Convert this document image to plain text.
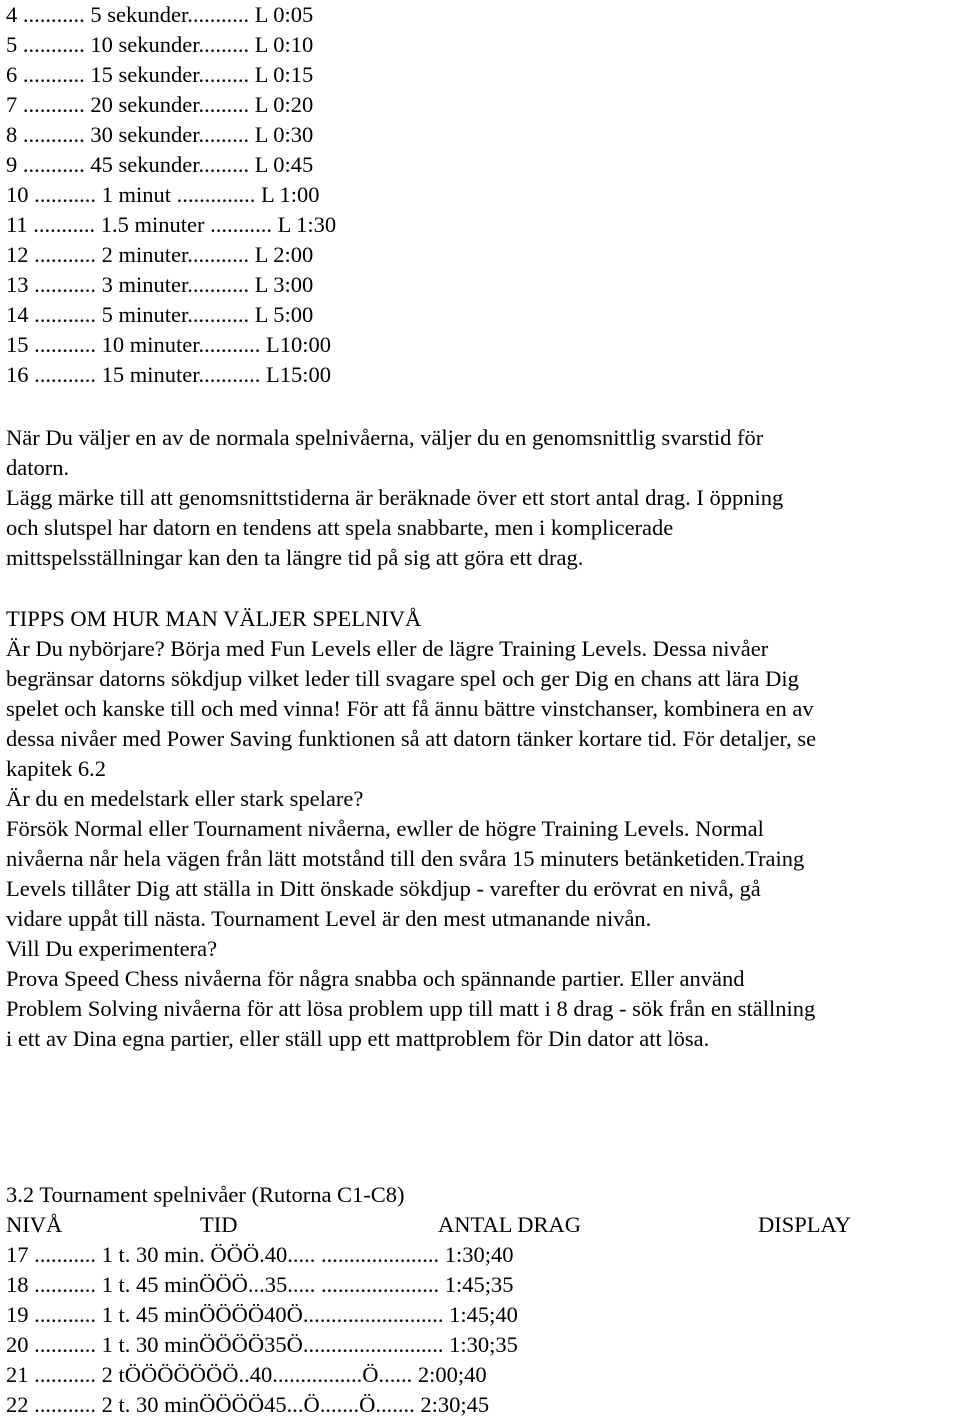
4 ........... 5 sekunder........... L 0:05
5 ........... 10 sekunder......... L 0:10
6 ........... 15 sekunder......... L 0:15
7 ........... 20 sekunder......... L 0:20
8 ........... 30 sekunder......... L 0:30
9 ........... 45 sekunder......... L 0:45
10 ........... 1 minut .............. L 1:00
11 ........... 1.5 minuter ........... L 1:30
12 ........... 2 minuter........... L 2:00
13 ........... 3 minuter........... L 3:00
14 ........... 5 minuter........... L 5:00
15 ........... 10 minuter........... L10:00
16 ........... 15 minuter........... L15:00
När Du väljer en av de normala spelnivåerna, väljer du en genomsnittlig svarstid för
datorn.
Lägg märke till att genomsnittstiderna är beräknade över ett stort antal drag. I öppning
och slutspel har datorn en tendens att spela snabbarte, men i komplicerade
mittspelsställningar kan den ta längre tid på sig att göra ett drag.
TIPPS OM HUR MAN VÄLJER SPELNIVÅ
Är Du nybörjare? Börja med Fun Levels eller de lägre Training Levels. Dessa nivåer
begränsar datorns sökdjup vilket leder till svagare spel och ger Dig en chans att lära Dig
spelet och kanske till och med vinna! För att få ännu bättre vinstchanser, kombinera en av
dessa nivåer med Power Saving funktionen så att datorn tänker kortare tid. För detaljer, se
kapitek 6.2
Är du en medelstark eller stark spelare?
Försök Normal eller Tournament nivåerna, ewller de högre Training Levels. Normal
nivåerna når hela vägen från lätt motstånd till den svåra 15 minuters betänketiden.Traing
Levels tillåter Dig att ställa in Ditt önskade sökdjup - varefter du erövrat en nivå, gå
vidare uppåt till nästa. Tournament Level är den mest utmanande nivån.
Vill Du experimentera?
Prova Speed Chess nivåerna för några snabba och spännande partier. Eller använd
Problem Solving nivåerna för att lösa problem upp till matt i 8 drag - sök från en ställning
i ett av Dina egna partier, eller ställ upp ett mattproblem för Din dator att lösa.
3.2 Tournament spelnivåer (Rutorna C1-C8)
NIVÅ	TID	ANTAL DRAG	DISPLAY
17 ........... 1 t. 30 min. ÖÖÖ.40..... ..................... 1:30;40
18 ........... 1 t. 45 minÖÖÖ...35..... ..................... 1:45;35
19 ........... 1 t. 45 minÖÖÖÖ40Ö......................... 1:45;40
20 ........... 1 t. 30 minÖÖÖÖ35Ö......................... 1:30;35
21 ........... 2 tÖÖÖÖÖÖÖ..40................Ö...... 2:00;40
22 ........... 2 t. 30 minÖÖÖÖ45...Ö.......Ö....... 2:30;45
